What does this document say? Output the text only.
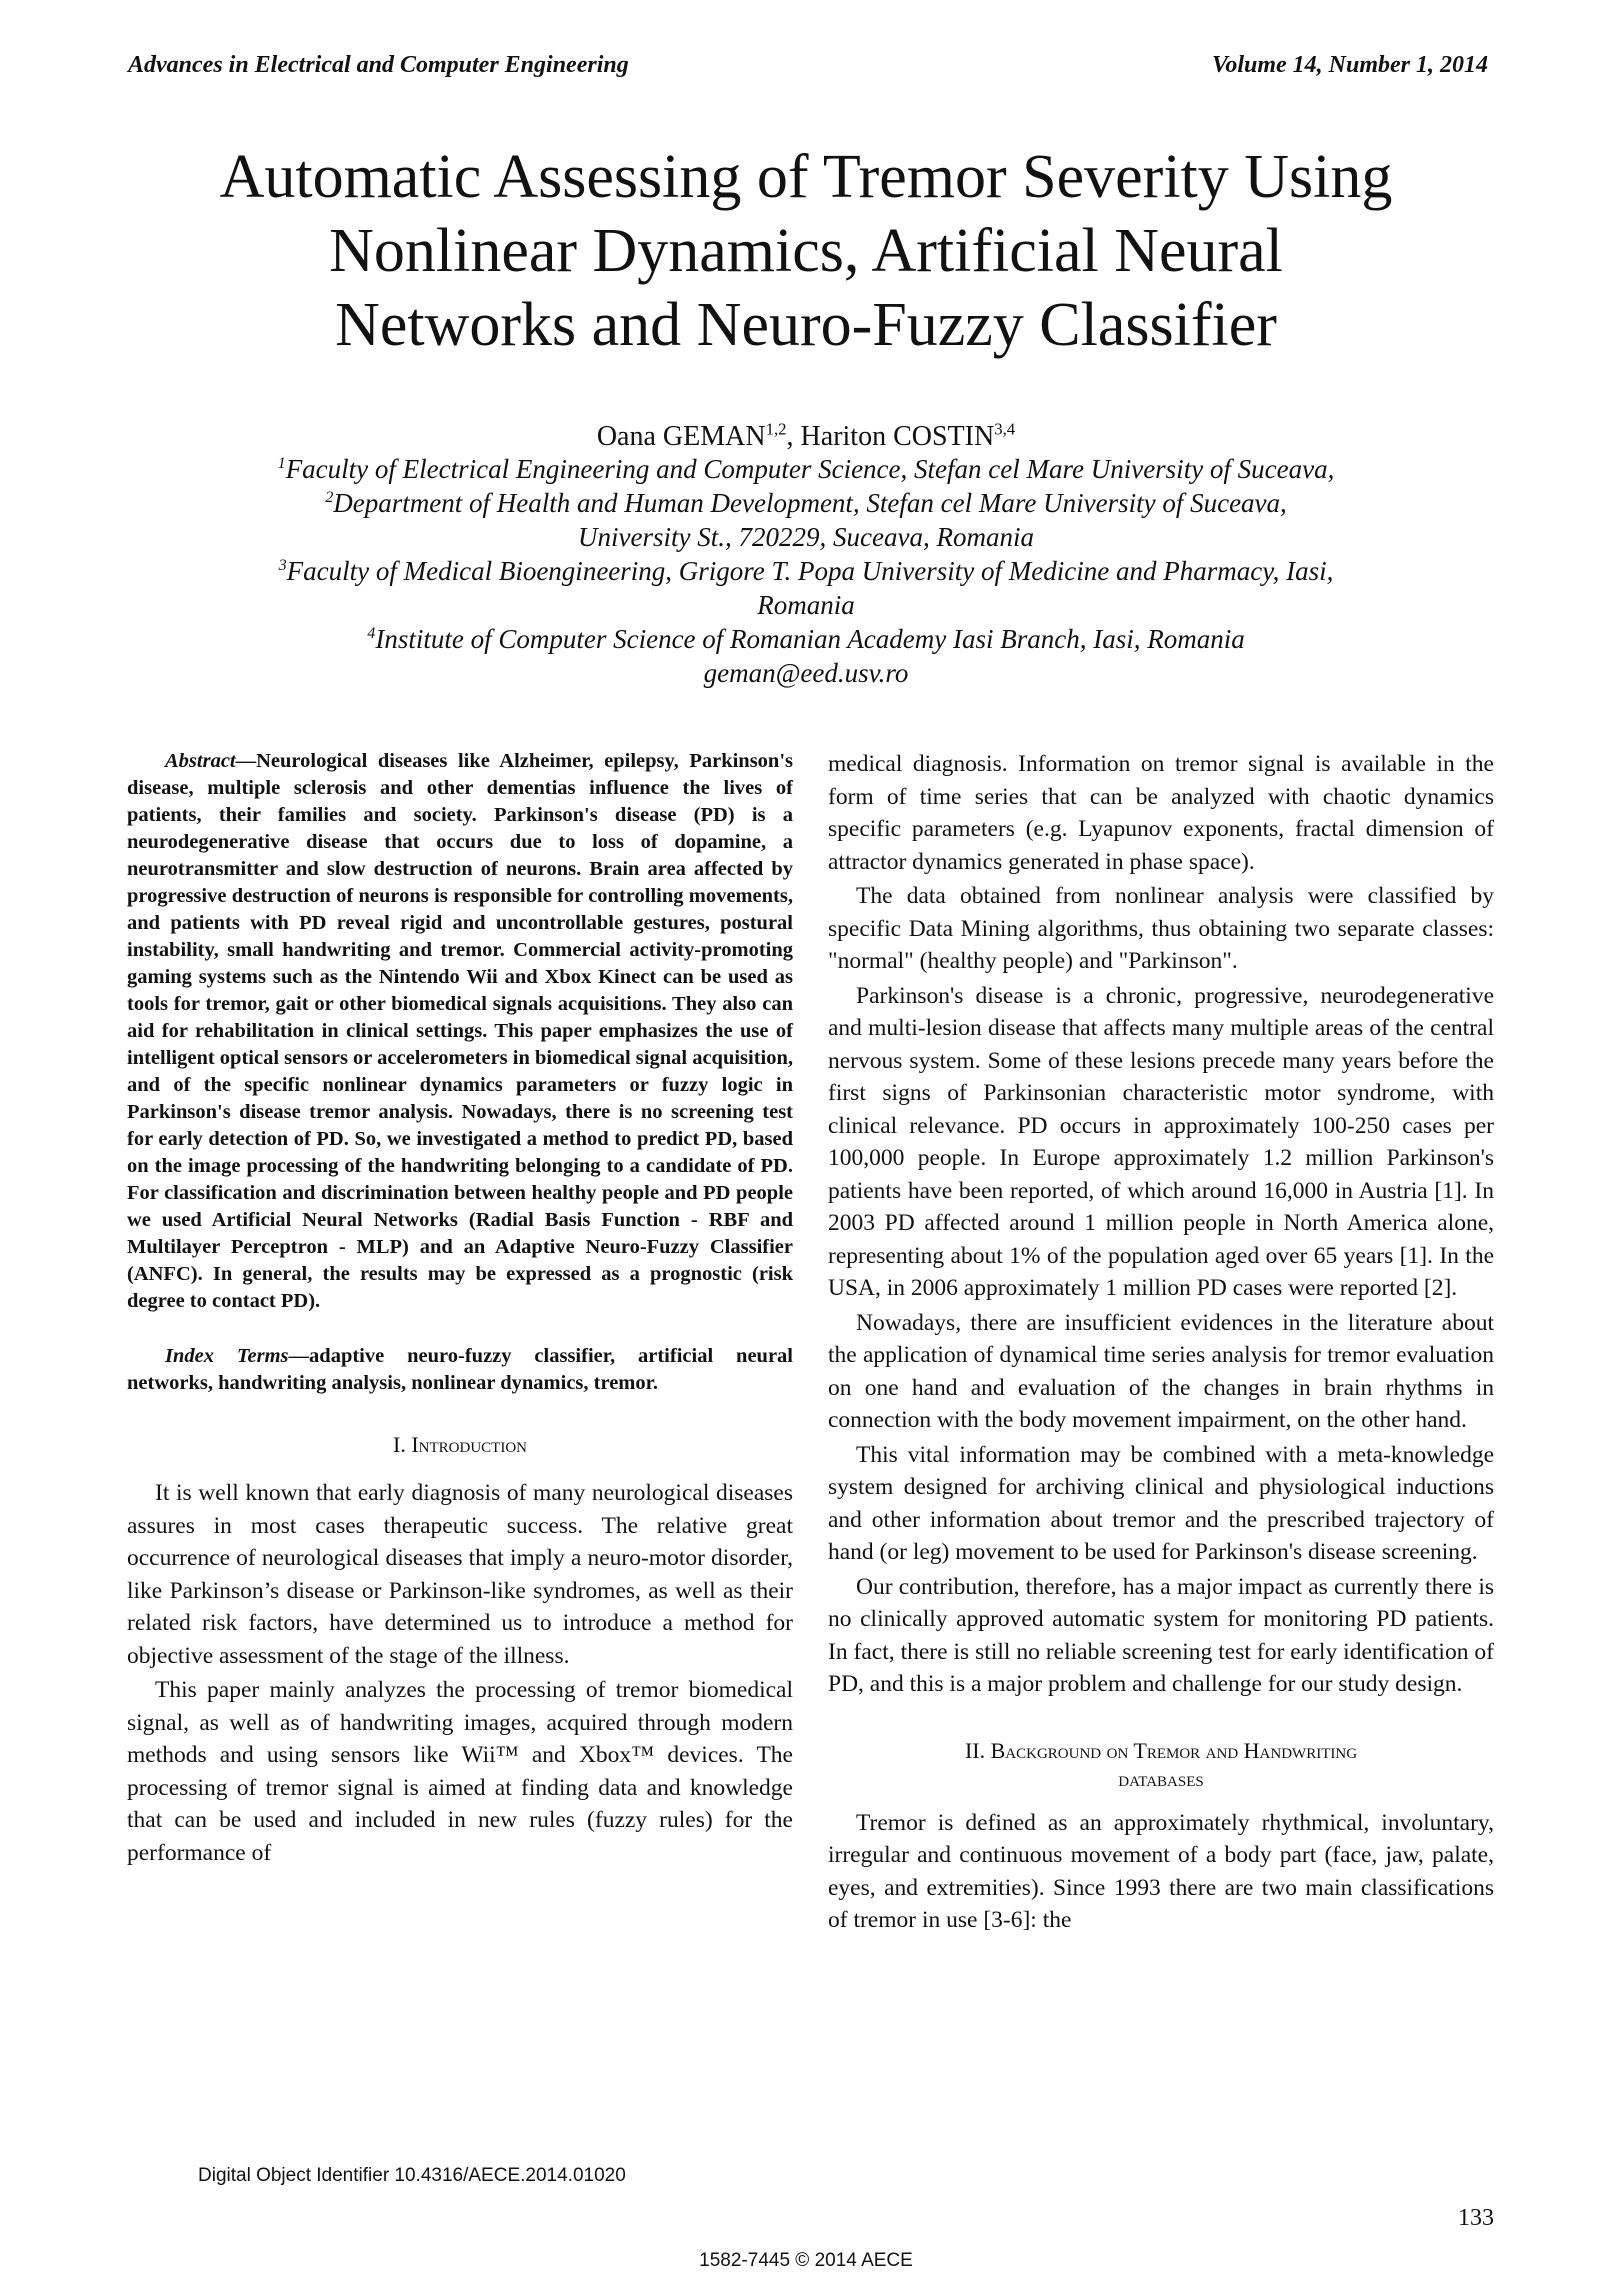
Advances in Electrical and Computer Engineering	Volume 14, Number 1, 2014
Automatic Assessing of Tremor Severity Using
Nonlinear Dynamics, Artificial Neural
Networks and Neuro-Fuzzy Classifier
Oana GEMAN$^{1,2}$, Hariton COSTIN$^{3,4}$
$^1$Faculty of Electrical Engineering and Computer Science, Stefan cel Mare University of Suceava,
$^2$Department of Health and Human Development, Stefan cel Mare University of Suceava,
University St., 720229, Suceava, Romania
$^3$Faculty of Medical Bioengineering, Grigore T. Popa University of Medicine and Pharmacy, Iasi,
Romania
$^4$Institute of Computer Science of Romanian Academy Iasi Branch, Iasi, Romania
geman@eed.usv.ro

Abstract—Neurological diseases like Alzheimer, epilepsy, Parkinson's disease, multiple sclerosis and other dementias influence the lives of patients, their families and society. Parkinson's disease (PD) is a neurodegenerative disease that occurs due to loss of dopamine, a neurotransmitter and slow destruction of neurons. Brain area affected by progressive destruction of neurons is responsible for controlling movements, and patients with PD reveal rigid and uncontrollable gestures, postural instability, small handwriting and tremor. Commercial activity-promoting gaming systems such as the Nintendo Wii and Xbox Kinect can be used as tools for tremor, gait or other biomedical signals acquisitions. They also can aid for rehabilitation in clinical settings. This paper emphasizes the use of intelligent optical sensors or accelerometers in biomedical signal acquisition, and of the specific nonlinear dynamics parameters or fuzzy logic in Parkinson's disease tremor analysis. Nowadays, there is no screening test for early detection of PD. So, we investigated a method to predict PD, based on the image processing of the handwriting belonging to a candidate of PD. For classification and discrimination between healthy people and PD people we used Artificial Neural Networks (Radial Basis Function - RBF and Multilayer Perceptron - MLP) and an Adaptive Neuro-Fuzzy Classifier (ANFC). In general, the results may be expressed as a prognostic (risk degree to contact PD).

Index Terms—adaptive neuro-fuzzy classifier, artificial neural networks, handwriting analysis, nonlinear dynamics, tremor.

I. Introduction

It is well known that early diagnosis of many neurological diseases assures in most cases therapeutic success. The relative great occurrence of neurological diseases that imply a neuro-motor disorder, like Parkinson’s disease or Parkinson-like syndromes, as well as their related risk factors, have determined us to introduce a method for objective assessment of the stage of the illness.

This paper mainly analyzes the processing of tremor biomedical signal, as well as of handwriting images, acquired through modern methods and using sensors like Wii™ and Xbox™ devices. The processing of tremor signal is aimed at finding data and knowledge that can be used and included in new rules (fuzzy rules) for the performance of

medical diagnosis. Information on tremor signal is available in the form of time series that can be analyzed with chaotic dynamics specific parameters (e.g. Lyapunov exponents, fractal dimension of attractor dynamics generated in phase space).

The data obtained from nonlinear analysis were classified by specific Data Mining algorithms, thus obtaining two separate classes: "normal" (healthy people) and "Parkinson".

Parkinson's disease is a chronic, progressive, neurodegenerative and multi-lesion disease that affects many multiple areas of the central nervous system. Some of these lesions precede many years before the first signs of Parkinsonian characteristic motor syndrome, with clinical relevance. PD occurs in approximately 100-250 cases per 100,000 people. In Europe approximately 1.2 million Parkinson's patients have been reported, of which around 16,000 in Austria [1]. In 2003 PD affected around 1 million people in North America alone, representing about 1% of the population aged over 65 years [1]. In the USA, in 2006 approximately 1 million PD cases were reported [2].

Nowadays, there are insufficient evidences in the literature about the application of dynamical time series analysis for tremor evaluation on one hand and evaluation of the changes in brain rhythms in connection with the body movement impairment, on the other hand.

This vital information may be combined with a meta-knowledge system designed for archiving clinical and physiological inductions and other information about tremor and the prescribed trajectory of hand (or leg) movement to be used for Parkinson's disease screening.

Our contribution, therefore, has a major impact as currently there is no clinically approved automatic system for monitoring PD patients. In fact, there is still no reliable screening test for early identification of PD, and this is a major problem and challenge for our study design.

II. Background on Tremor and Handwriting
databases

Tremor is defined as an approximately rhythmical, involuntary, irregular and continuous movement of a body part (face, jaw, palate, eyes, and extremities). Since 1993 there are two main classifications of tremor in use [3-6]: the

Digital Object Identifier 10.4316/AECE.2014.01020
133
1582-7445 © 2014 AECE
